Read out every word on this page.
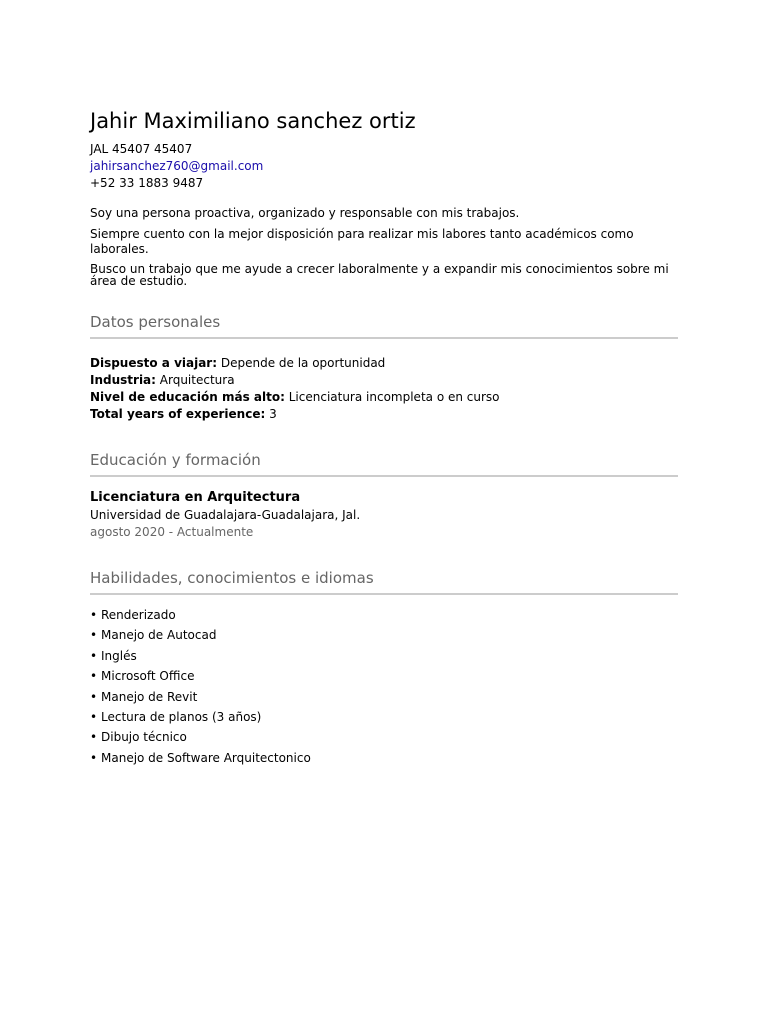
Jahir Maximiliano sanchez ortiz
JAL 45407 45407
jahirsanchez760@gmail.com
+52 33 1883 9487

Soy una persona proactiva, organizado y responsable con mis trabajos.

Siempre cuento con la mejor disposición para realizar mis labores tanto académicos como laborales.

Busco un trabajo que me ayude a crecer laboralmente y a expandir mis conocimientos sobre mi área de estudio.

Datos personales
Dispuesto a viajar: Depende de la oportunidad
Industria: Arquitectura
Nivel de educación más alto: Licenciatura incompleta o en curso
Total years of experience: 3
Educación y formación
Licenciatura en Arquitectura
Universidad de Guadalajara-Guadalajara, Jal.
agosto 2020 - Actualmente
Habilidades, conocimientos e idiomas
• Renderizado
• Manejo de Autocad
• Inglés
• Microsoft Office
• Manejo de Revit
• Lectura de planos (3 años)
• Dibujo técnico
• Manejo de Software Arquitectonico
